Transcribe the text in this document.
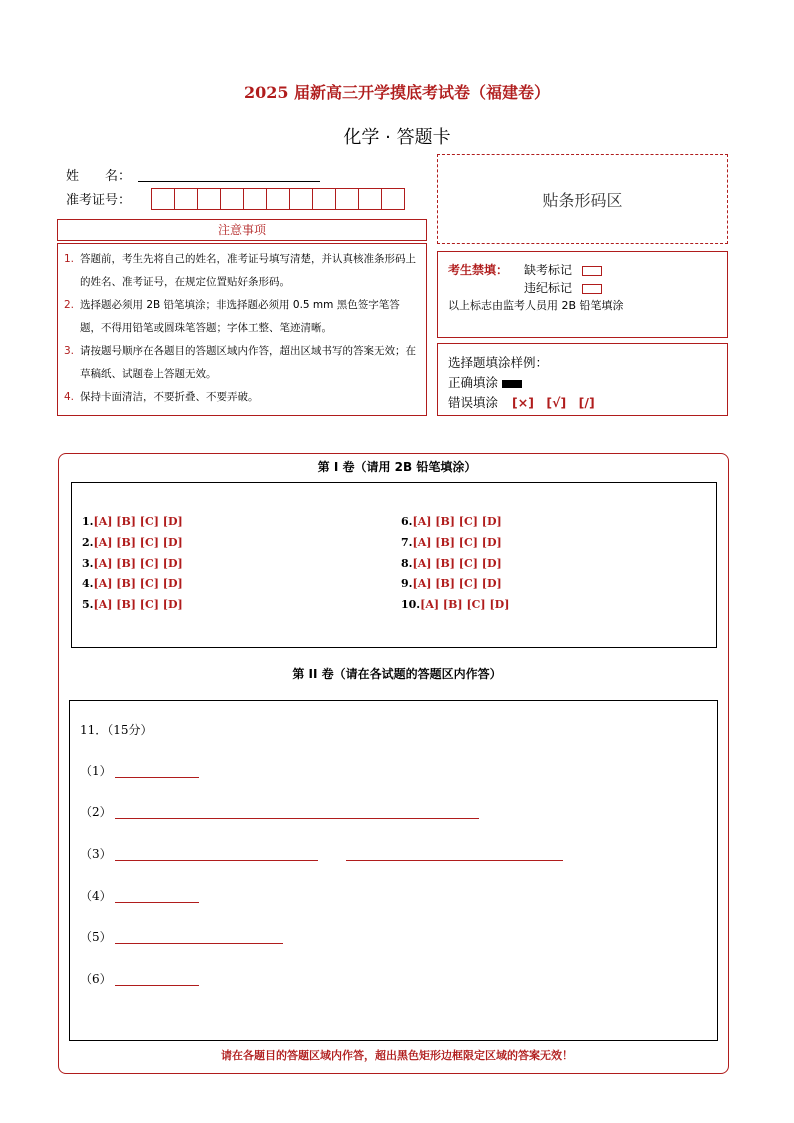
2025 届新高三开学摸底考试卷（福建卷）
化学 · 答题卡
姓　　名：
准考证号：	贴条形码区
注意事项
1. 答题前，考生先将自己的姓名，准考证号填写清楚，并认真核准条形码上的姓名、准考证号，在规定位置贴好条形码。
2. 选择题必须用 2B 铅笔填涂；非选择题必须用 0.5 mm 黑色签字笔答题，不得用铅笔或圆珠笔答题；字体工整、笔迹清晰。
3. 请按题号顺序在各题目的答题区域内作答，超出区域书写的答案无效；在草稿纸、试题卷上答题无效。
4. 保持卡面清洁，不要折叠、不要弄破。
考生禁填： 缺考标记
违纪标记
以上标志由监考人员用 2B 铅笔填涂
选择题填涂样例：
正确填涂
错误填涂 [×]　[√]　[/]
第 I 卷（请用 2B 铅笔填涂）
1.[A] [B] [C] [D]
2.[A] [B] [C] [D]
3.[A] [B] [C] [D]
4.[A] [B] [C] [D]
5.[A] [B] [C] [D]
6.[A] [B] [C] [D]
7.[A] [B] [C] [D]
8.[A] [B] [C] [D]
9.[A] [B] [C] [D]
10.[A] [B] [C] [D]
第 II 卷（请在各试题的答题区内作答）
11．（15分）
（1）
（2）
（3）
（4）
（5）
（6）
请在各题目的答题区域内作答，超出黑色矩形边框限定区域的答案无效！
